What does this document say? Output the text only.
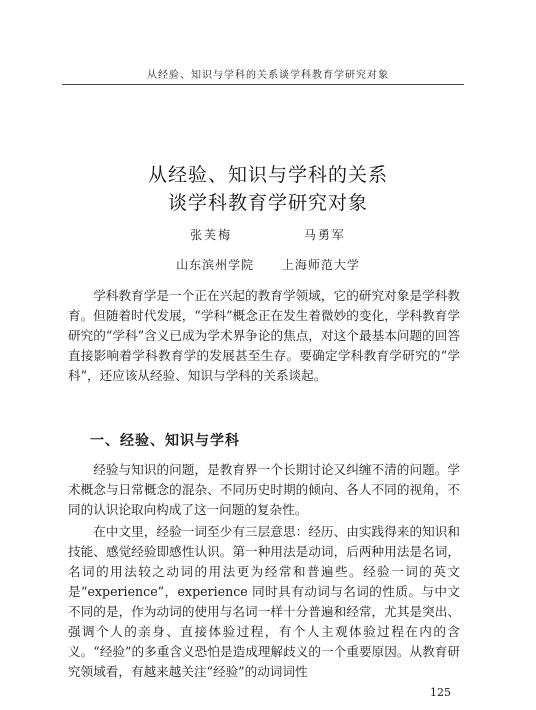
从经验、知识与学科的关系谈学科教育学研究对象
从经验、知识与学科的关系
谈学科教育学研究对象
张芙梅	马勇军
山东滨州学院 上海师范大学

学科教育学是一个正在兴起的教育学领域，它的研究对象是学科教育。但随着时代发展，“学科”概念正在发生着微妙的变化，学科教育学研究的“学科”含义已成为学术界争论的焦点，对这个最基本问题的回答直接影响着学科教育学的发展甚至生存。要确定学科教育学研究的“学科”，还应该从经验、知识与学科的关系谈起。

一、经验、知识与学科

经验与知识的问题，是教育界一个长期讨论又纠缠不清的问题。学术概念与日常概念的混杂、不同历史时期的倾向、各人不同的视角，不同的认识论取向构成了这一问题的复杂性。

在中文里，经验一词至少有三层意思：经历、由实践得来的知识和技能、感觉经验即感性认识。第一种用法是动词，后两种用法是名词，名词的用法较之动词的用法更为经常和普遍些。经验一词的英文是“experience”，experience 同时具有动词与名词的性质。与中文不同的是，作为动词的使用与名词一样十分普遍和经常，尤其是突出、强调个人的亲身、直接体验过程，有个人主观体验过程在内的含义。“经验”的多重含义恐怕是造成理解歧义的一个重要原因。从教育研究领域看，有越来越关注“经验”的动词词性

125
